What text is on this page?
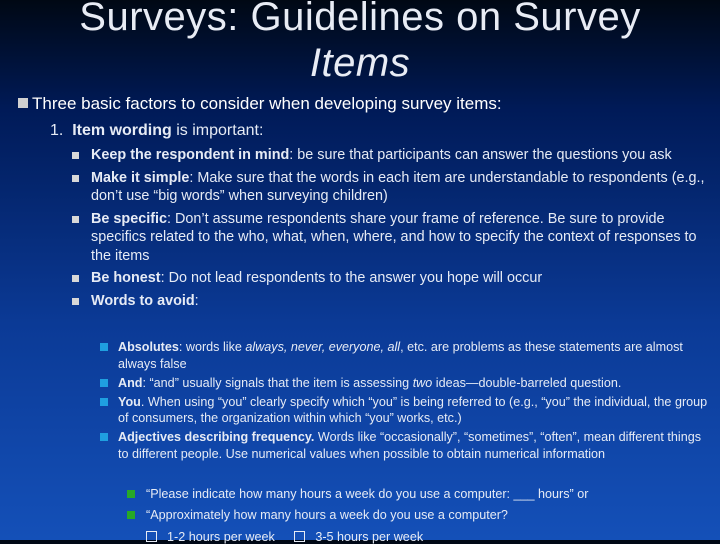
Surveys: Guidelines on Survey
Items
Three basic factors to consider when developing survey items:
1. Item wording is important:
Keep the respondent in mind: be sure that participants can answer the questions you ask
Make it simple: Make sure that the words in each item are understandable to respondents (e.g., don’t use “big words” when surveying children)
Be specific: Don’t assume respondents share your frame of reference. Be sure to provide specifics related to the who, what, when, where, and how to specify the context of responses to the items
Be honest: Do not lead respondents to the answer you hope will occur
Words to avoid:
Absolutes: words like always, never, everyone, all, etc. are problems as these statements are almost always false
And: “and” usually signals that the item is assessing two ideas—double-barreled question.
You. When using “you” clearly specify which “you” is being referred to (e.g., “you” the individual, the group of consumers, the organization within which “you” works, etc.)
Adjectives describing frequency. Words like “occasionally”, “sometimes”, “often”, mean different things to different people. Use numerical values when possible to obtain numerical information
“Please indicate how many hours a week do you use a computer: ___ hours” or
“Approximately how many hours a week do you use a computer?
1-2 hours per week	3-5 hours per week
